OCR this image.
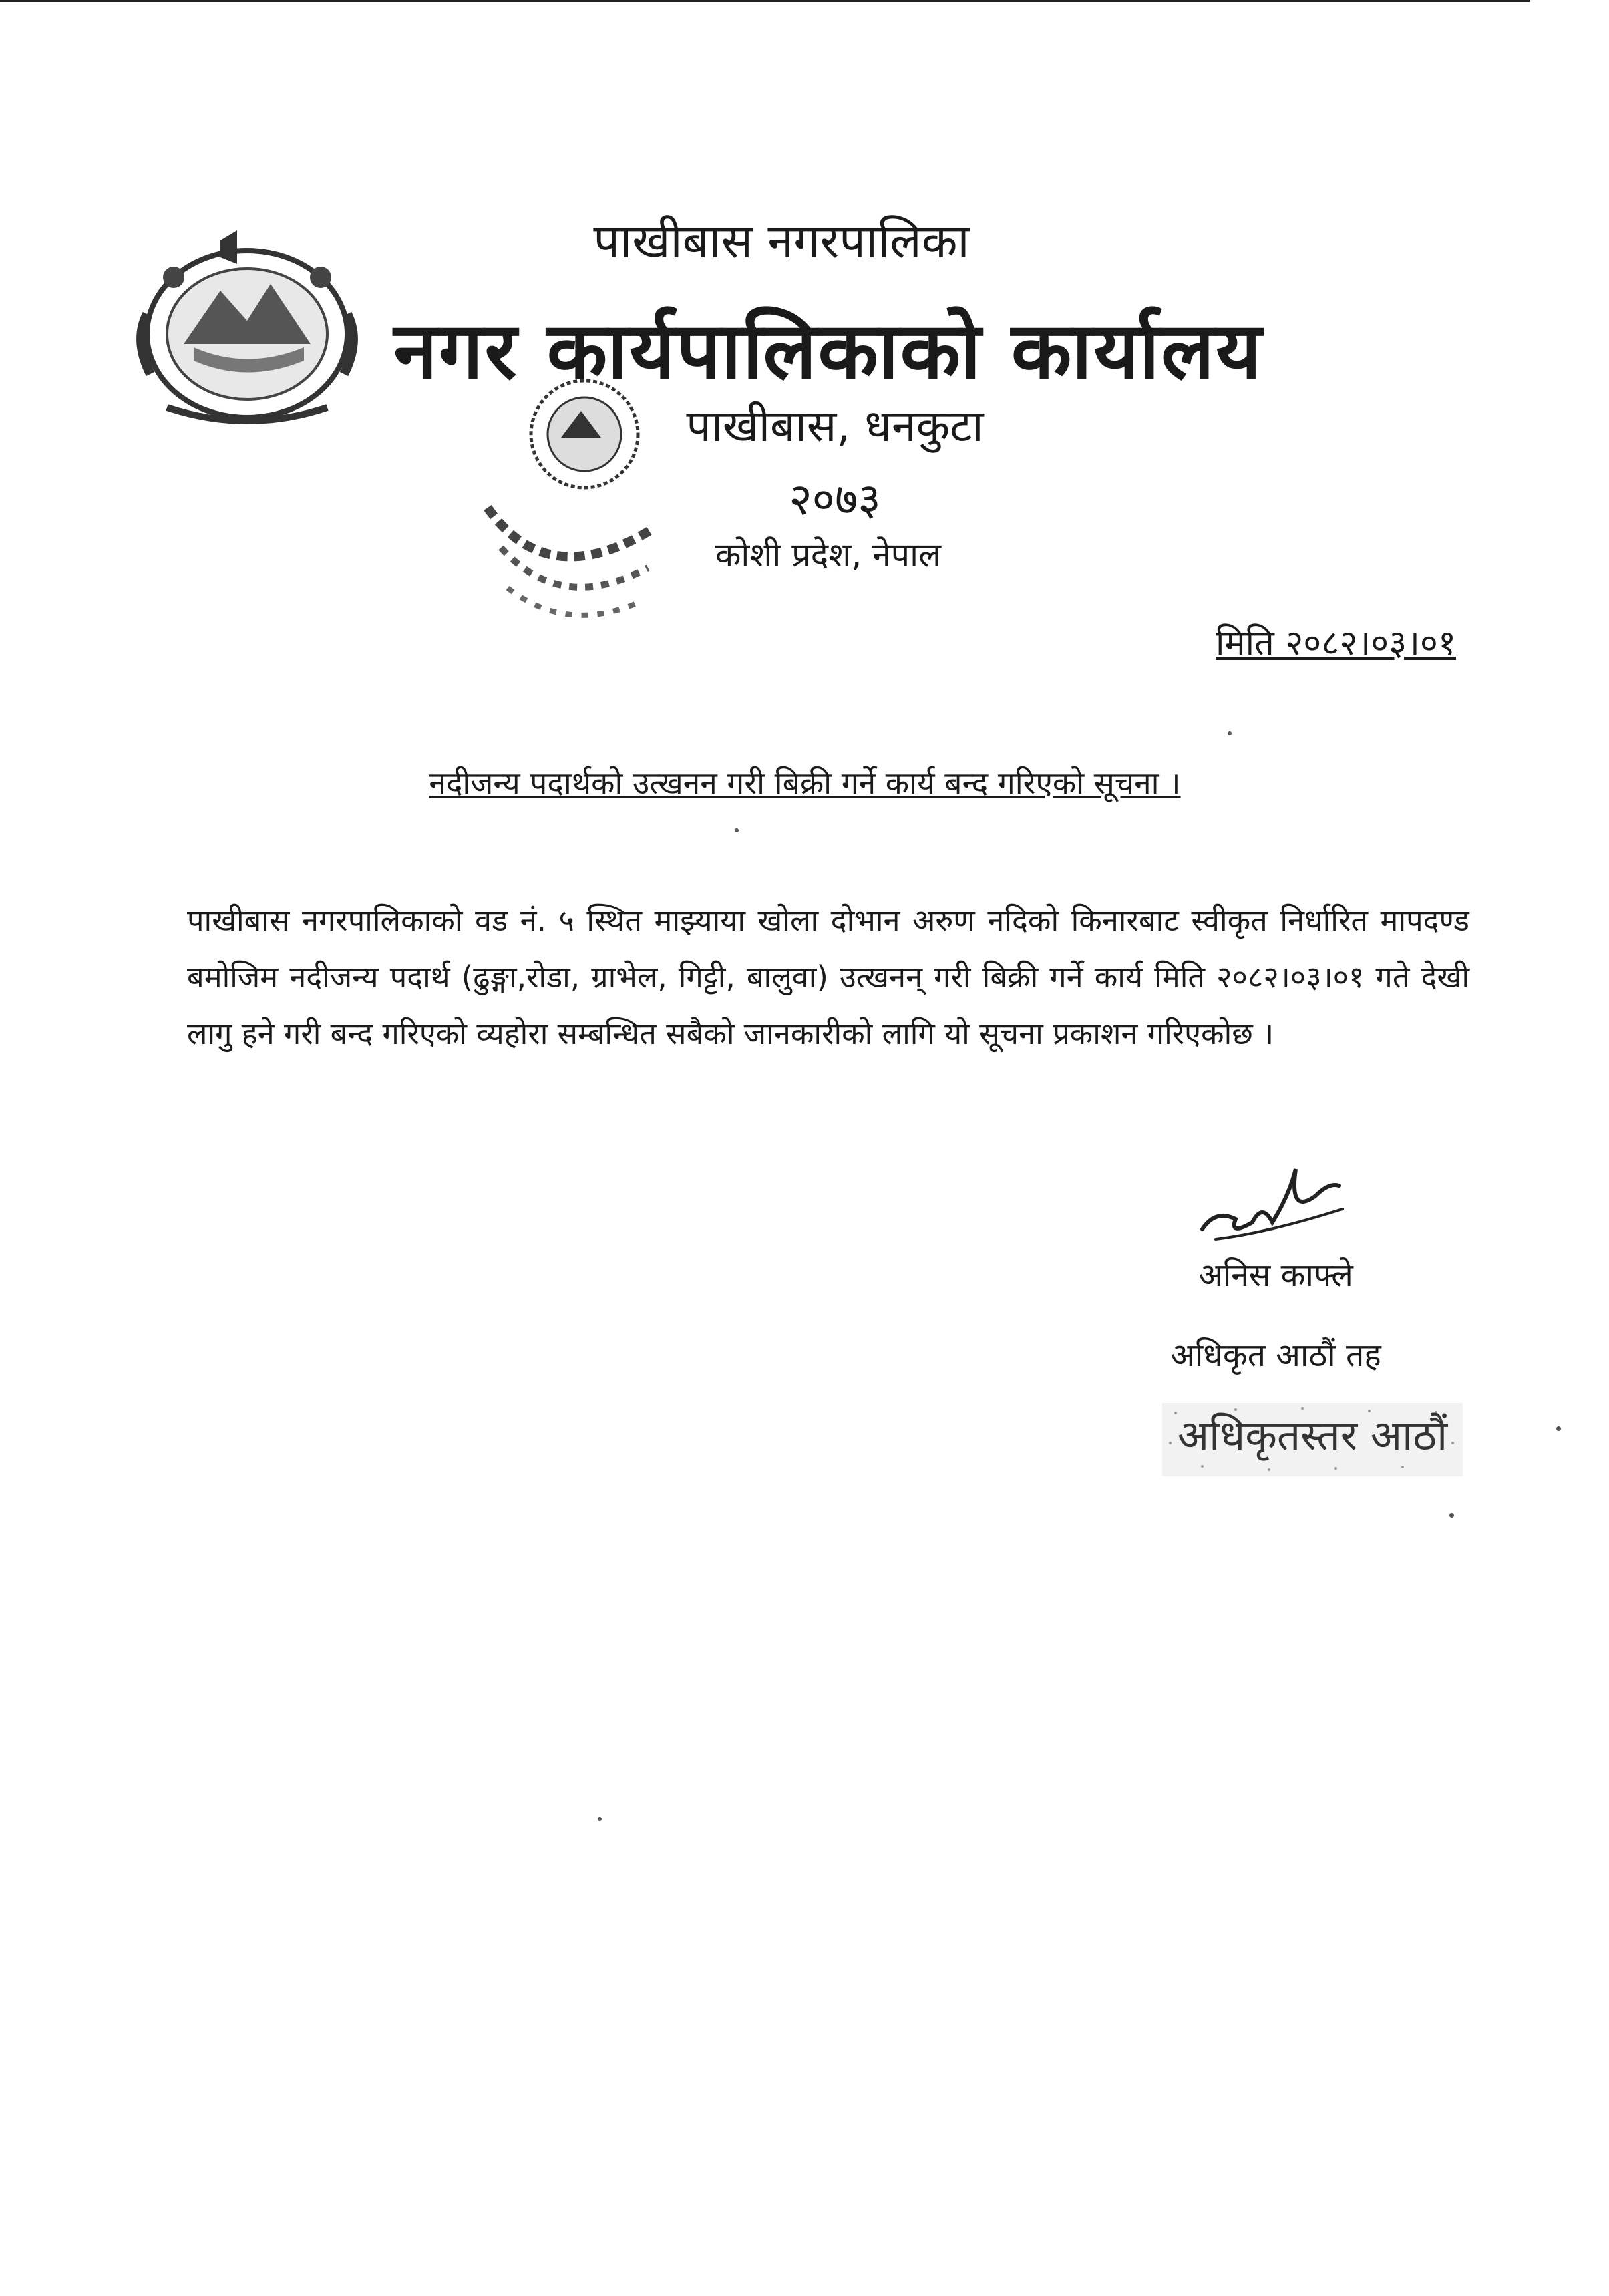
पाखीबास नगरपालिका
नगर कार्यपालिकाको कार्यालय
पाखीबास, धनकुटा
२०७३
कोशी प्रदेश, नेपाल
मिति २०८२।०३।०१
नदीजन्य पदार्थको उत्खनन गरी बिक्री गर्ने कार्य बन्द गरिएको सूचना ।

पाखीबास नगरपालिकाको वड नं. ५ स्थित माझ्याया खोला दोभान अरुण नदिको किनारबाट स्वीकृत निर्धारित मापदण्ड बमोजिम नदीजन्य पदार्थ (ढुङ्गा,रोडा, ग्राभेल, गिट्टी, बालुवा) उत्खनन् गरी बिक्री गर्ने कार्य मिति २०८२।०३।०१ गते देखी लागु हने गरी बन्द गरिएको व्यहोरा सम्बन्धित सबैको जानकारीको लागि यो सूचना प्रकाशन गरिएकोछ ।

अनिस काफ्ले
अधिकृत आठौं तह
अधिकृतस्तर आठौं
